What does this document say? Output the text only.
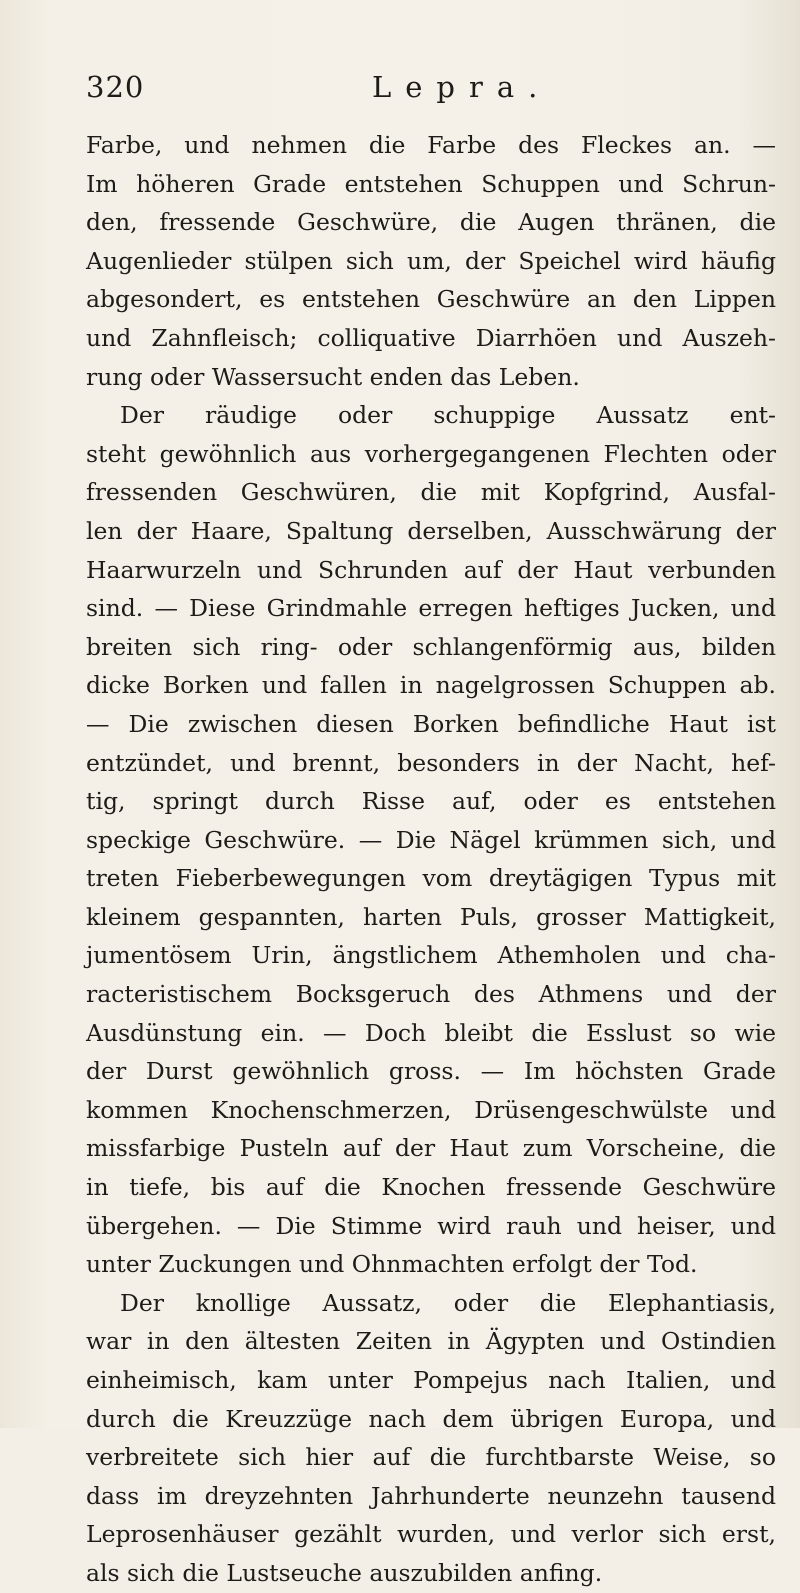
320	Lepra.
Farbe, und nehmen die Farbe des Fleckes an. —
Im höheren Grade entstehen Schuppen und Schrun-
den, fressende Geschwüre, die Augen thränen, die
Augenlieder stülpen sich um, der Speichel wird häufig
abgesondert, es entstehen Geschwüre an den Lippen
und Zahnfleisch; colliquative Diarrhöen und Auszeh-
rung oder Wassersucht enden das Leben.
Der räudige oder schuppige Aussatz ent-
steht gewöhnlich aus vorhergegangenen Flechten oder
fressenden Geschwüren, die mit Kopfgrind, Ausfal-
len der Haare, Spaltung derselben, Ausschwärung der
Haarwurzeln und Schrunden auf der Haut verbunden
sind. — Diese Grindmahle erregen heftiges Jucken, und
breiten sich ring- oder schlangenförmig aus, bilden
dicke Borken und fallen in nagelgrossen Schuppen ab.
— Die zwischen diesen Borken befindliche Haut ist
entzündet, und brennt, besonders in der Nacht, hef-
tig, springt durch Risse auf, oder es entstehen
speckige Geschwüre. — Die Nägel krümmen sich, und
treten Fieberbewegungen vom dreytägigen Typus mit
kleinem gespannten, harten Puls, grosser Mattigkeit,
jumentösem Urin, ängstlichem Athemholen und cha-
racteristischem Bocksgeruch des Athmens und der
Ausdünstung ein. — Doch bleibt die Esslust so wie
der Durst gewöhnlich gross. — Im höchsten Grade
kommen Knochenschmerzen, Drüsengeschwülste und
missfarbige Pusteln auf der Haut zum Vorscheine, die
in tiefe, bis auf die Knochen fressende Geschwüre
übergehen. — Die Stimme wird rauh und heiser, und
unter Zuckungen und Ohnmachten erfolgt der Tod.
Der knollige Aussatz, oder die Elephantiasis,
war in den ältesten Zeiten in Ägypten und Ostindien
einheimisch, kam unter Pompejus nach Italien, und
durch die Kreuzzüge nach dem übrigen Europa, und
verbreitete sich hier auf die furchtbarste Weise, so
dass im dreyzehnten Jahrhunderte neunzehn tausend
Leprosenhäuser gezählt wurden, und verlor sich erst,
als sich die Lustseuche auszubilden anfing.
